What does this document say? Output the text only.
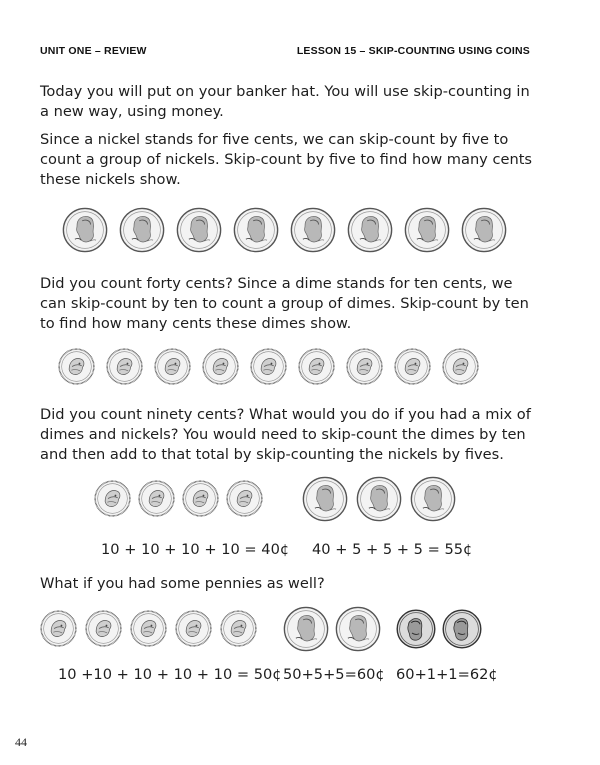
UNIT ONE – REVIEW	LESSON 15 – SKIP-COUNTING USING COINS
Today you will put on your banker hat. You will use skip-counting in a new way, using money.
Since a nickel stands for five cents, we can skip-count by five to count a group of nickels. Skip-count by five to find how many cents these nickels show.
Did you count forty cents? Since a dime stands for ten cents, we can skip-count by ten to count a group of dimes. Skip-count by ten to find how many cents these dimes show.
Did you count ninety cents? What would you do if you had a mix of dimes and nickels? You would need to skip-count the dimes by ten and then add to that total by skip-counting the nickels by fives.
10 + 10 + 10 + 10 = 40¢ 40 + 5 + 5 + 5 = 55¢
What if you had some pennies as well?
10 +10 + 10 + 10 + 10 = 50¢ 50+5+5=60¢ 60+1+1=62¢
44
